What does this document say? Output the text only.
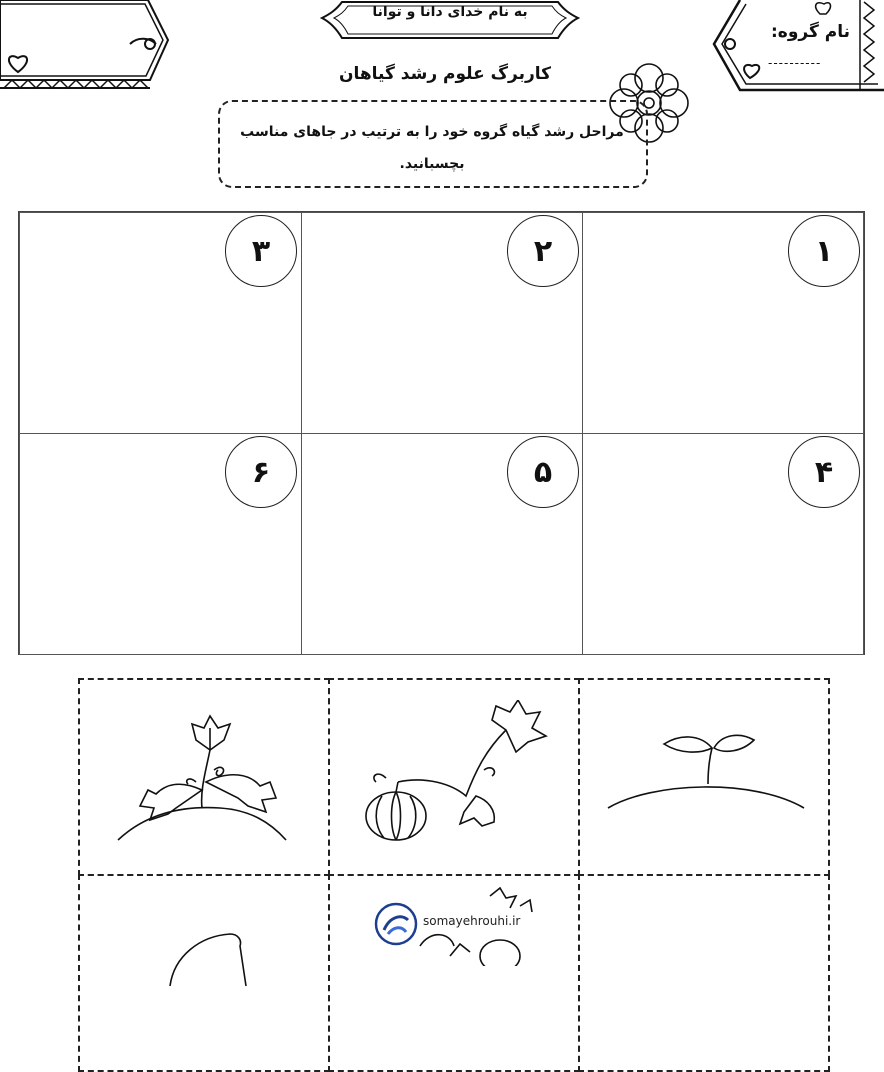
نام گروه:
----------
به نام خدای دانا و توانا
کاربرگ علوم رشد گیاهان
مراحل رشد گیاه گروه خود را به ترتیب در جاهای مناسب
بچسبانید.
۱
۲
۳
۴
۵
۶
somayehrouhi.ir
